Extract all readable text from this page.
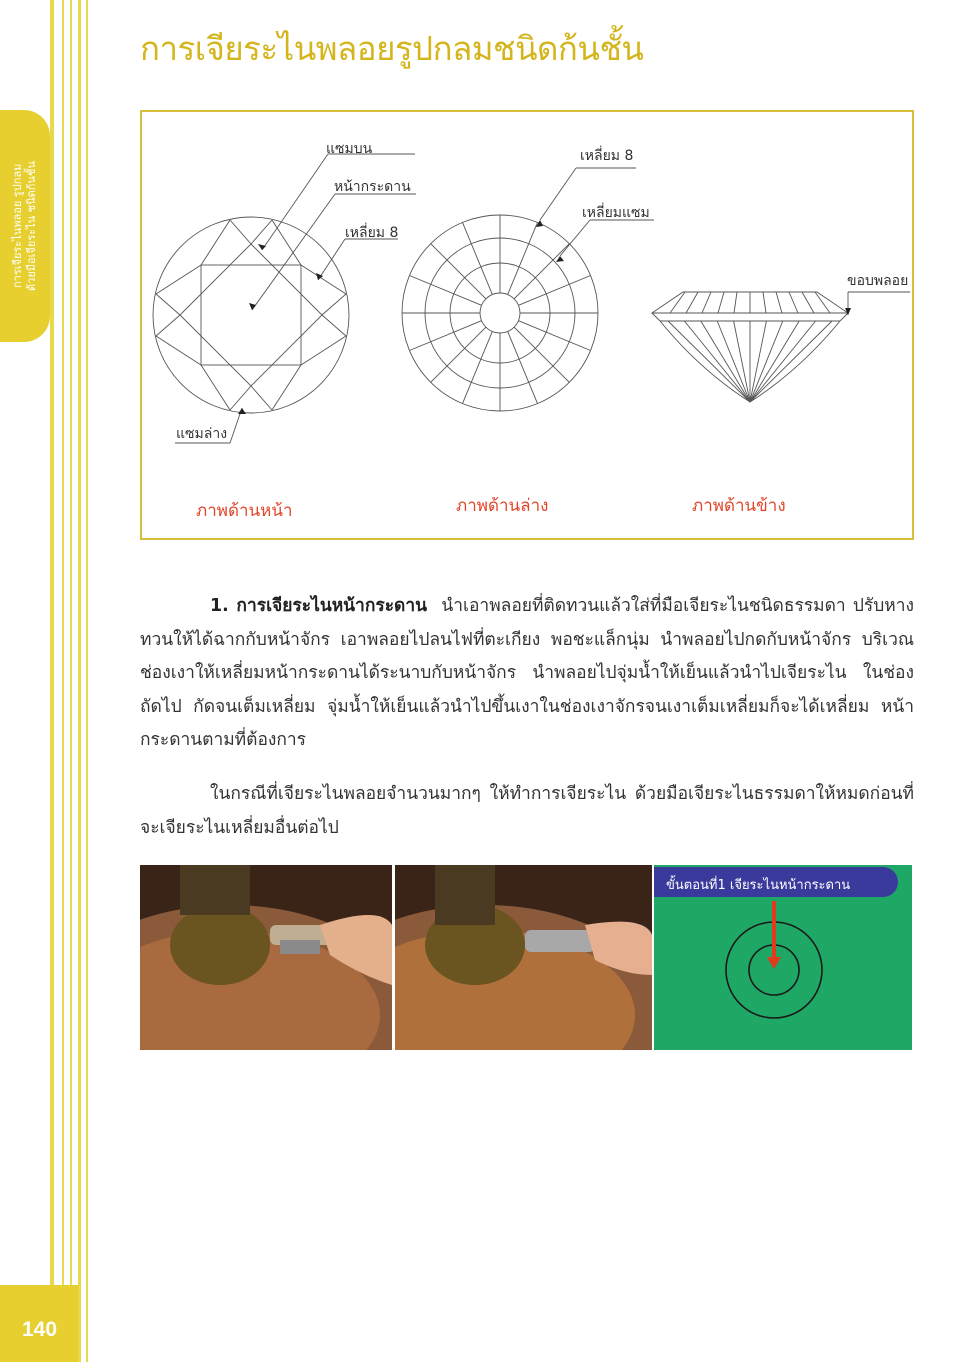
การเจียระไนพลอย รูปกลม ด้วยมือเจียระไน ชนิดก้นชั้น
140
การเจียระไนพลอยรูปกลมชนิดก้นชั้น
แซมบน
หน้ากระดาน
เหลี่ยม 8
แซมล่าง
เหลี่ยม 8
เหลี่ยมแซม
ขอบพลอย
ภาพด้านหน้า	ภาพด้านล่าง	ภาพด้านข้าง
1. การเจียระไนหน้ากระดาน นำเอาพลอยที่ติดทวนแล้วใส่ที่มือเจียระไนชนิดธรรมดา ปรับหางทวนให้ได้ฉากกับหน้าจักร เอาพลอยไปลนไฟที่ตะเกียง พอชะแล็กนุ่ม นำพลอยไปกดกับหน้าจักร บริเวณช่องเงาให้เหลี่ยมหน้ากระดานได้ระนาบกับหน้าจักร นำพลอยไปจุ่มน้ำให้เย็นแล้วนำไปเจียระไน ในช่องถัดไป กัดจนเต็มเหลี่ยม จุ่มน้ำให้เย็นแล้วนำไปขึ้นเงาในช่องเงาจักรจนเงาเต็มเหลี่ยมก็จะได้เหลี่ยม หน้ากระดานตามที่ต้องการ
ในกรณีที่เจียระไนพลอยจำนวนมากๆ ให้ทำการเจียระไน ด้วยมือเจียระไนธรรมดาให้หมดก่อนที่ จะเจียระไนเหลี่ยมอื่นต่อไป
ขั้นตอนที่1 เจียระไนหน้ากระดาน
